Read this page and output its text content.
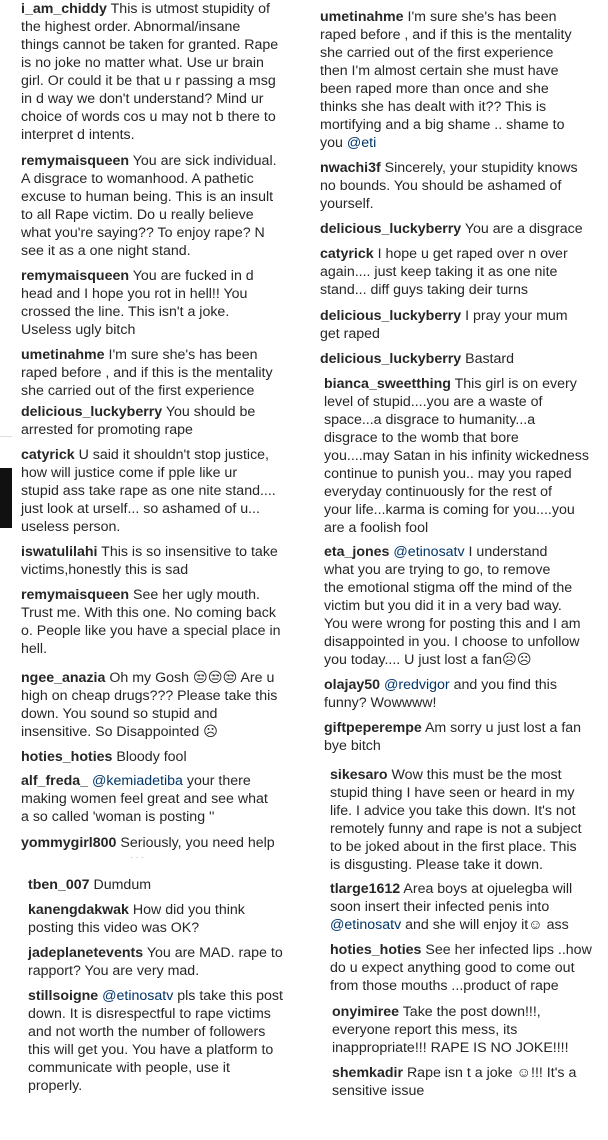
i_am_chiddy This is utmost stupidity of
the highest order. Abnormal/insane
things cannot be taken for granted. Rape
is no joke no matter what. Use ur brain
girl. Or could it be that u r passing a msg
in d way we don't understand? Mind ur
choice of words cos u may not b there to
interpret d intents.

remymaisqueen You are sick individual.
A disgrace to womanhood. A pathetic
excuse to human being. This is an insult
to all Rape victim. Do u really believe
what you're saying?? To enjoy rape? N
see it as a one night stand.

remymaisqueen You are fucked in d
head and I hope you rot in hell!! You
crossed the line. This isn't a joke.
Useless ugly bitch

umetinahme I'm sure she's has been
raped before , and if this is the mentality
she carried out of the first experience

delicious_luckyberry You should be
arrested for promoting rape

catyrick U said it shouldn't stop justice,
how will justice come if pple like ur
stupid ass take rape as one nite stand....
just look at urself... so ashamed of u...
useless person.

iswatulilahi This is so insensitive to take
victims,honestly this is sad

remymaisqueen See her ugly mouth.
Trust me. With this one. No coming back
o. People like you have a special place in
hell.

ngee_anazia Oh my Gosh 😒😒😒 Are u
high on cheap drugs??? Please take this
down. You sound so stupid and
insensitive. So Disappointed ☹

hoties_hoties Bloody fool

alf_freda_ @kemiadetiba your there
making women feel great and see what
a so called 'woman is posting ''

yommygirl800 Seriously, you need help

···

tben_007 Dumdum

kanengdakwak How did you think
posting this video was OK?

jadeplanetevents You are MAD. rape to
rapport? You are very mad.

stillsoigne @etinosatv pls take this post
down. It is disrespectful to rape victims
and not worth the number of followers
this will get you. You have a platform to
communicate with people, use it
properly.

umetinahme I'm sure she's has been
raped before , and if this is the mentality
she carried out of the first experience
then I'm almost certain she must have
been raped more than once and she
thinks she has dealt with it?? This is
mortifying and a big shame .. shame to
you @eti

nwachi3f Sincerely, your stupidity knows
no bounds. You should be ashamed of
yourself.

delicious_luckyberry You are a disgrace

catyrick I hope u get raped over n over
again.... just keep taking it as one nite
stand... diff guys taking deir turns

delicious_luckyberry I pray your mum
get raped

delicious_luckyberry Bastard

bianca_sweetthing This girl is on every
level of stupid....you are a waste of
space...a disgrace to humanity...a
disgrace to the womb that bore
you....may Satan in his infinity wickedness
continue to punish you.. may you raped
everyday continuously for the rest of
your life...karma is coming for you....you
are a foolish fool

eta_jones @etinosatv I understand
what you are trying to go, to remove
the emotional stigma off the mind of the
victim but you did it in a very bad way.
You were wrong for posting this and I am
disappointed in you. I choose to unfollow
you today.... U just lost a fan☹☹

olajay50 @redvigor and you find this
funny? Wowwww!

giftpeperempe Am sorry u just lost a fan
bye bitch

sikesaro Wow this must be the most
stupid thing I have seen or heard in my
life. I advice you take this down. It's not
remotely funny and rape is not a subject
to be joked about in the first place. This
is disgusting. Please take it down.

tlarge1612 Area boys at ojuelegba will
soon insert their infected penis into
@etinosatv and she will enjoy it☺ ass

hoties_hoties See her infected lips ..how
do u expect anything good to come out
from those mouths ...product of rape

onyimiree Take the post down!!!,
everyone report this mess, its
inappropriate!!! RAPE IS NO JOKE!!!!

shemkadir Rape isn t a joke ☺!!! It's a
sensitive issue
